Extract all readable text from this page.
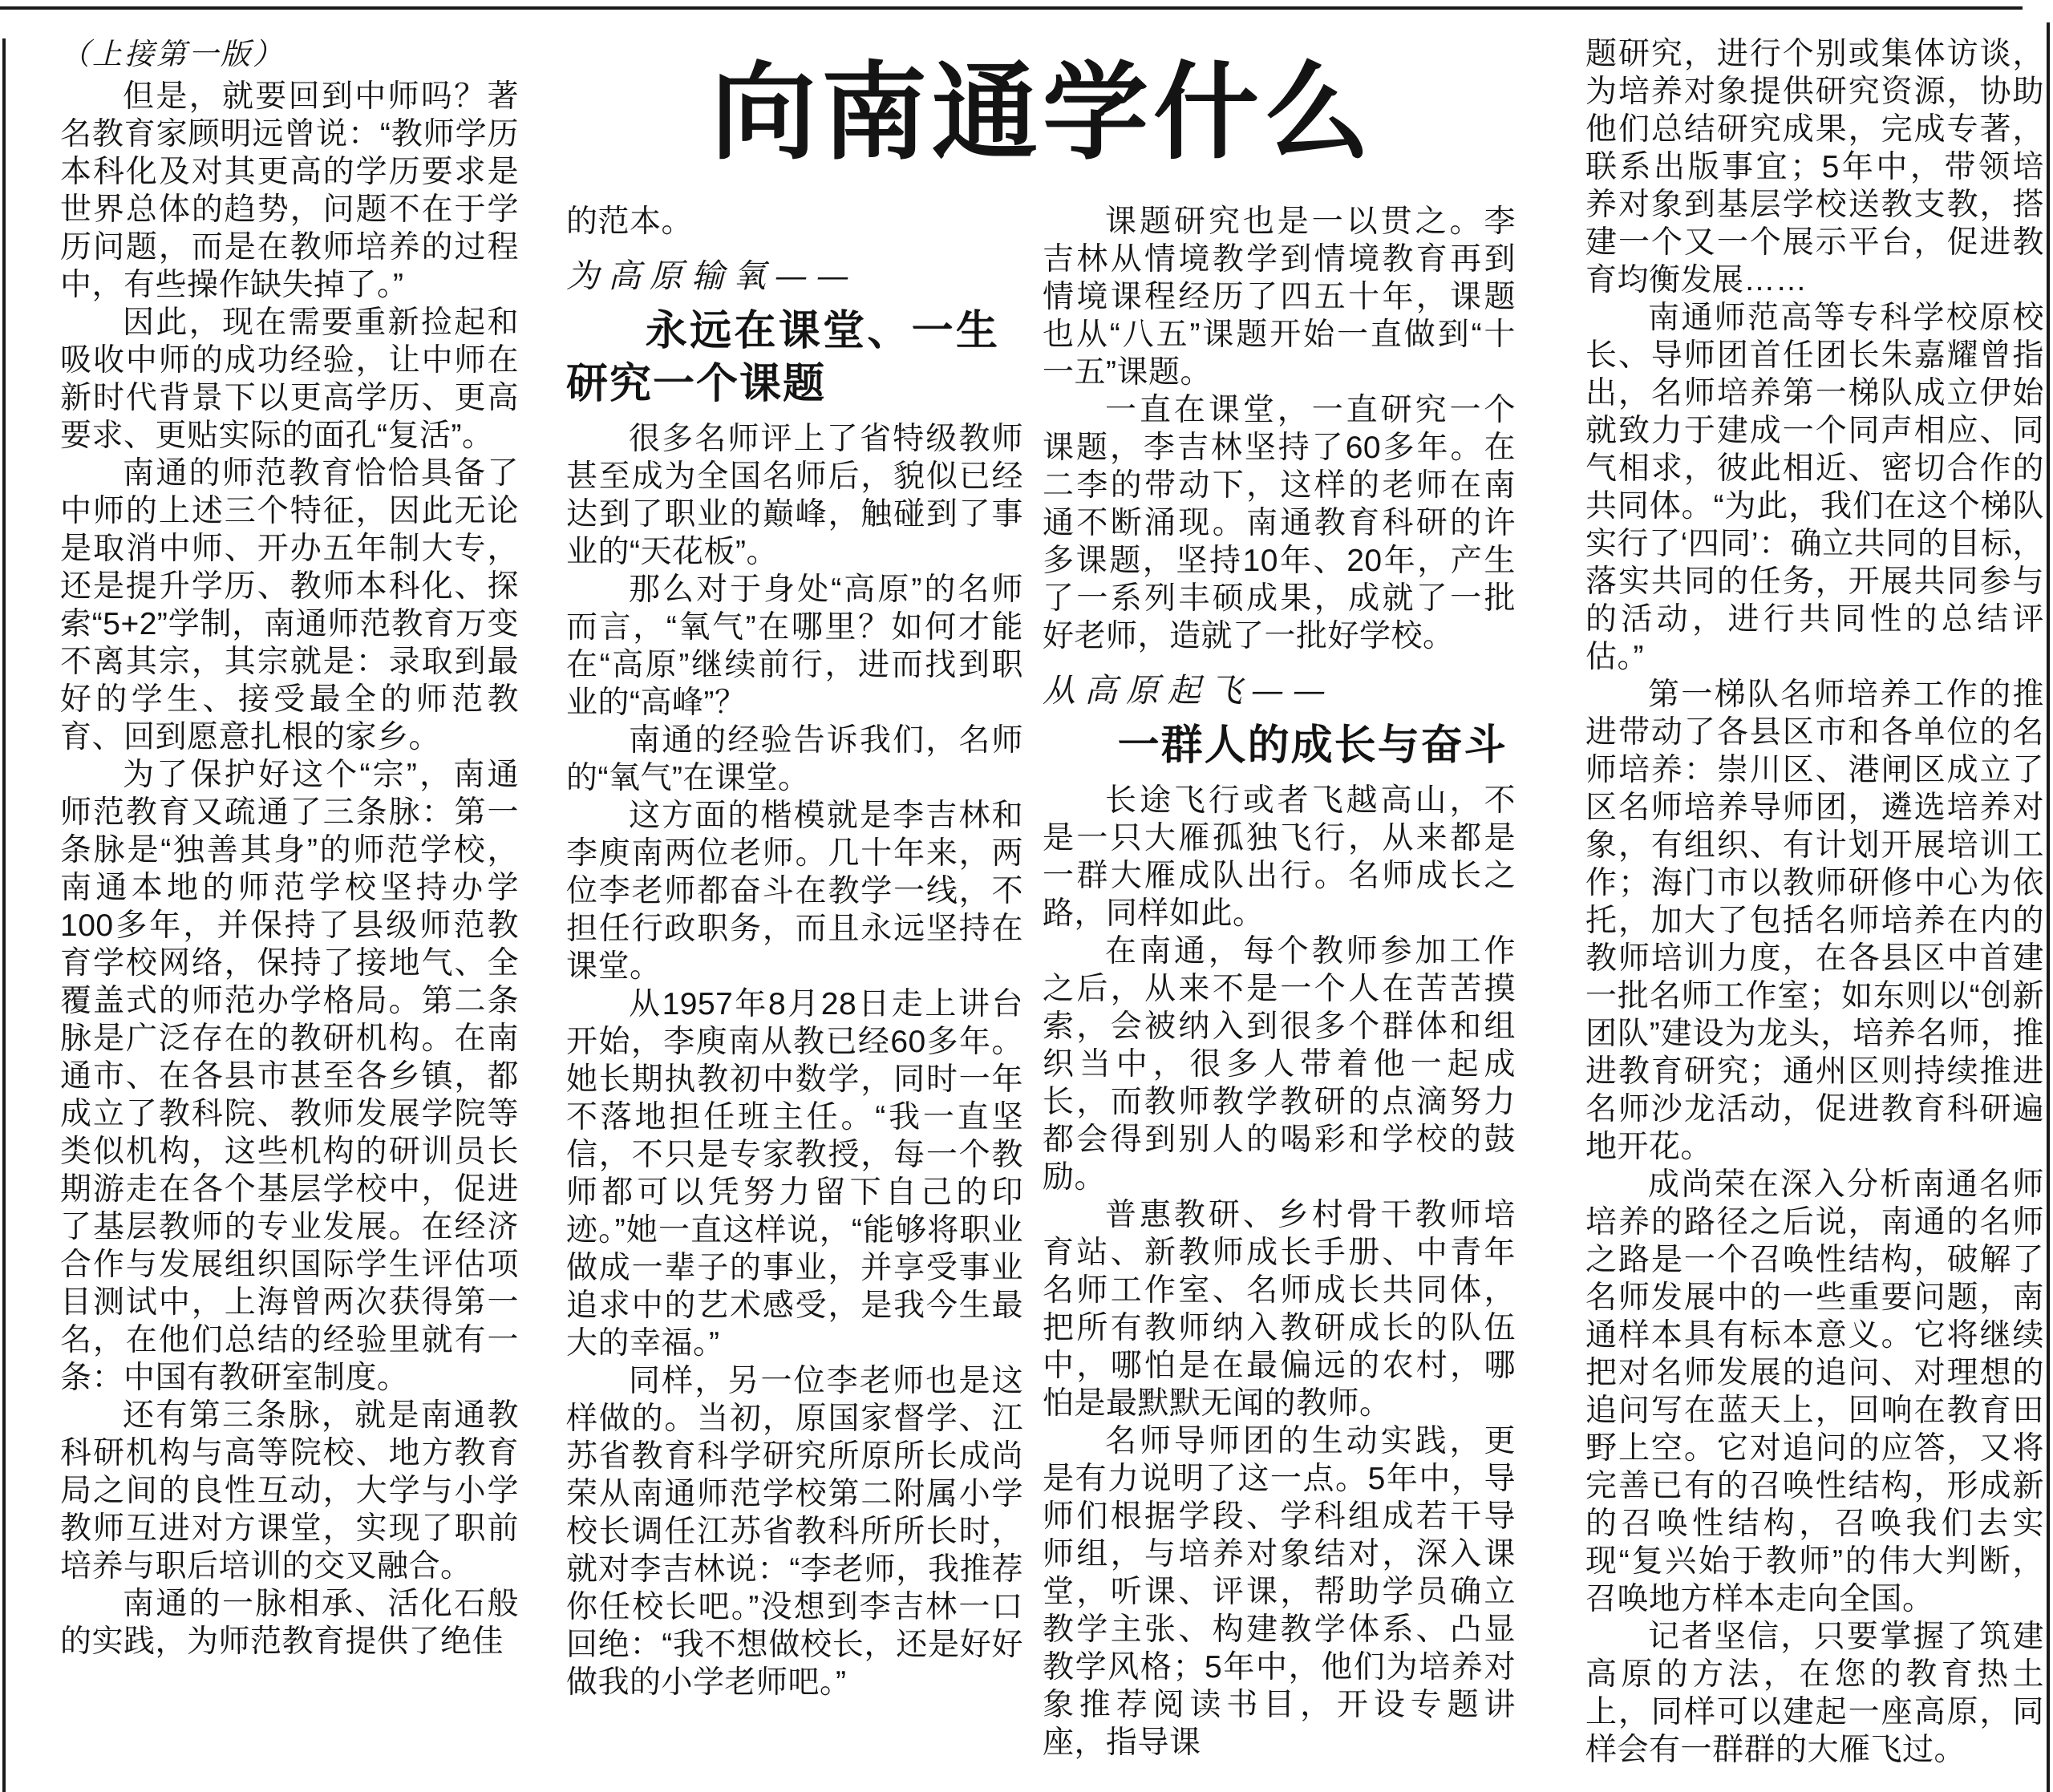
向南通学什么

（上接第一版）

但是，就要回到中师吗？著名教育家顾明远曾说：“教师学历本科化及对其更高的学历要求是世界总体的趋势，问题不在于学历问题，而是在教师培养的过程中，有些操作缺失掉了。”

因此，现在需要重新捡起和吸收中师的成功经验，让中师在新时代背景下以更高学历、更高要求、更贴实际的面孔“复活”。

南通的师范教育恰恰具备了中师的上述三个特征，因此无论是取消中师、开办五年制大专，还是提升学历、教师本科化、探索“5+2”学制，南通师范教育万变不离其宗，其宗就是：录取到最好的学生、接受最全的师范教育、回到愿意扎根的家乡。

为了保护好这个“宗”，南通师范教育又疏通了三条脉：第一条脉是“独善其身”的师范学校，南通本地的师范学校坚持办学100多年，并保持了县级师范教育学校网络，保持了接地气、全覆盖式的师范办学格局。第二条脉是广泛存在的教研机构。在南通市、在各县市甚至各乡镇，都成立了教科院、教师发展学院等类似机构，这些机构的研训员长期游走在各个基层学校中，促进了基层教师的专业发展。在经济合作与发展组织国际学生评估项目测试中，上海曾两次获得第一名，在他们总结的经验里就有一条：中国有教研室制度。

还有第三条脉，就是南通教科研机构与高等院校、地方教育局之间的良性互动，大学与小学教师互进对方课堂，实现了职前培养与职后培训的交叉融合。

南通的一脉相承、活化石般的实践，为师范教育提供了绝佳

的范本。

为高原输氧——

永远在课堂、一生研究一个课题

很多名师评上了省特级教师甚至成为全国名师后，貌似已经达到了职业的巅峰，触碰到了事业的“天花板”。

那么对于身处“高原”的名师而言，“氧气”在哪里？如何才能在“高原”继续前行，进而找到职业的“高峰”？

南通的经验告诉我们，名师的“氧气”在课堂。

这方面的楷模就是李吉林和李庾南两位老师。几十年来，两位李老师都奋斗在教学一线，不担任行政职务，而且永远坚持在课堂。

从1957年8月28日走上讲台开始，李庾南从教已经60多年。她长期执教初中数学，同时一年不落地担任班主任。“我一直坚信，不只是专家教授，每一个教师都可以凭努力留下自己的印迹。”她一直这样说，“能够将职业做成一辈子的事业，并享受事业追求中的艺术感受，是我今生最大的幸福。”

同样，另一位李老师也是这样做的。当初，原国家督学、江苏省教育科学研究所原所长成尚荣从南通师范学校第二附属小学校长调任江苏省教科所所长时，就对李吉林说：“李老师，我推荐你任校长吧。”没想到李吉林一口回绝：“我不想做校长，还是好好做我的小学老师吧。”

课题研究也是一以贯之。李吉林从情境教学到情境教育再到情境课程经历了四五十年，课题也从“八五”课题开始一直做到“十一五”课题。

一直在课堂，一直研究一个课题，李吉林坚持了60多年。在二李的带动下，这样的老师在南通不断涌现。南通教育科研的许多课题，坚持10年、20年，产生了一系列丰硕成果，成就了一批好老师，造就了一批好学校。

从高原起飞——

一群人的成长与奋斗

长途飞行或者飞越高山，不是一只大雁孤独飞行，从来都是一群大雁成队出行。名师成长之路，同样如此。

在南通，每个教师参加工作之后，从来不是一个人在苦苦摸索，会被纳入到很多个群体和组织当中，很多人带着他一起成长，而教师教学教研的点滴努力都会得到别人的喝彩和学校的鼓励。

普惠教研、乡村骨干教师培育站、新教师成长手册、中青年名师工作室、名师成长共同体，把所有教师纳入教研成长的队伍中，哪怕是在最偏远的农村，哪怕是最默默无闻的教师。

名师导师团的生动实践，更是有力说明了这一点。5年中，导师们根据学段、学科组成若干导师组，与培养对象结对，深入课堂，听课、评课，帮助学员确立教学主张、构建教学体系、凸显教学风格；5年中，他们为培养对象推荐阅读书目，开设专题讲座，指导课

题研究，进行个别或集体访谈，为培养对象提供研究资源，协助他们总结研究成果，完成专著，联系出版事宜；5年中，带领培养对象到基层学校送教支教，搭建一个又一个展示平台，促进教育均衡发展……

南通师范高等专科学校原校长、导师团首任团长朱嘉耀曾指出，名师培养第一梯队成立伊始就致力于建成一个同声相应、同气相求，彼此相近、密切合作的共同体。“为此，我们在这个梯队实行了‘四同’：确立共同的目标，落实共同的任务，开展共同参与的活动，进行共同性的总结评估。”

第一梯队名师培养工作的推进带动了各县区市和各单位的名师培养：崇川区、港闸区成立了区名师培养导师团，遴选培养对象，有组织、有计划开展培训工作；海门市以教师研修中心为依托，加大了包括名师培养在内的教师培训力度，在各县区中首建一批名师工作室；如东则以“创新团队”建设为龙头，培养名师，推进教育研究；通州区则持续推进名师沙龙活动，促进教育科研遍地开花。

成尚荣在深入分析南通名师培养的路径之后说，南通的名师之路是一个召唤性结构，破解了名师发展中的一些重要问题，南通样本具有标本意义。它将继续把对名师发展的追问、对理想的追问写在蓝天上，回响在教育田野上空。它对追问的应答，又将完善已有的召唤性结构，形成新的召唤性结构，召唤我们去实现“复兴始于教师”的伟大判断，召唤地方样本走向全国。

记者坚信，只要掌握了筑建高原的方法，在您的教育热土上，同样可以建起一座高原，同样会有一群群的大雁飞过。
